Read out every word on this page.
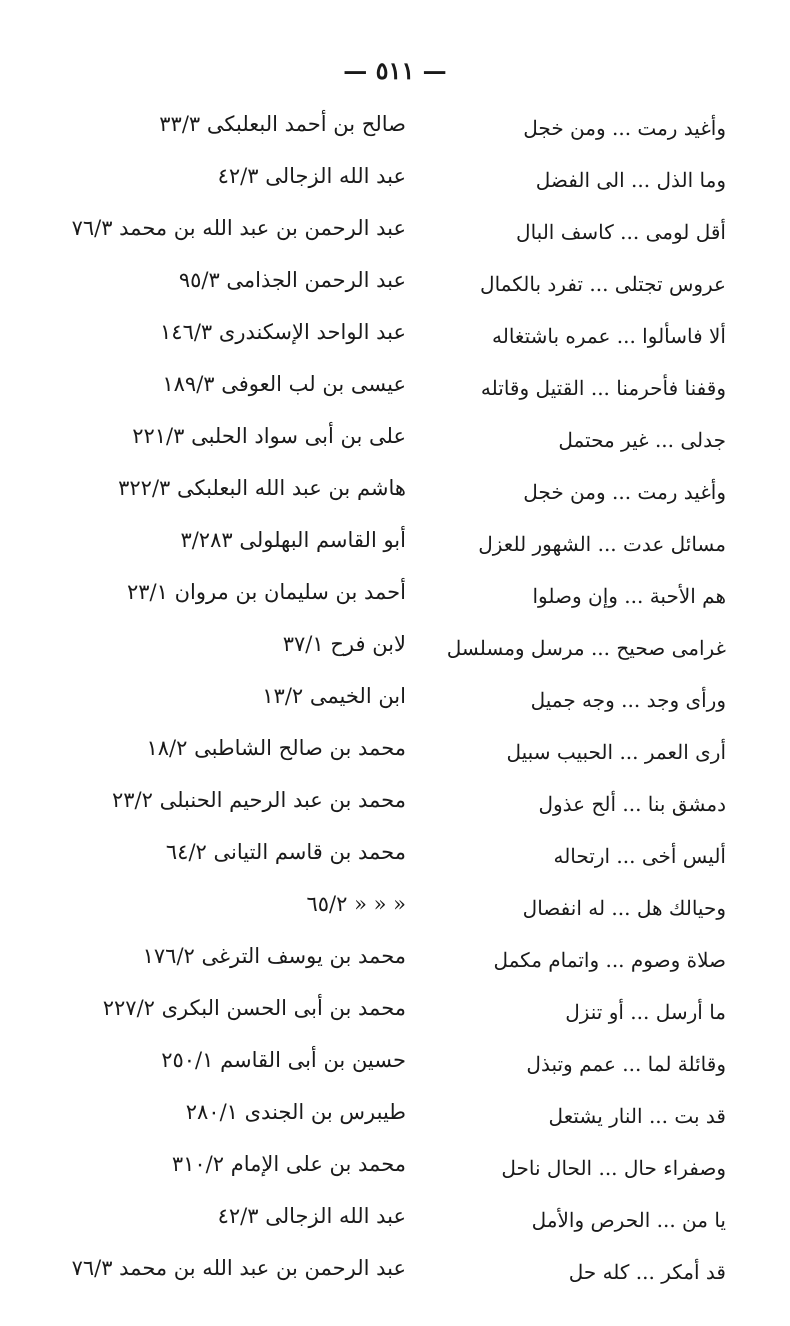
— ٥١١ —
وأغيد رمت ... ومن خجل
صالح بن أحمد البعلبكى ٣٣/٣
وما الذل ... الى الفضل
عبد الله الزجالى ٤٢/٣
أقل لومى ... كاسف البال
عبد الرحمن بن عبد الله بن محمد ٧٦/٣
عروس تجتلى ... تفرد بالكمال
عبد الرحمن الجذامى ٩٥/٣
ألا فاسألوا ... عمره باشتغاله
عبد الواحد الإسكندرى ١٤٦/٣
وقفنا فأحرمنا ... القتيل وقاتله
عيسى بن لب العوفى ١٨٩/٣
جدلى ... غير محتمل
على بن أبى سواد الحلبى ٢٢١/٣
وأغيد رمت ... ومن خجل
هاشم بن عبد الله البعلبكى ٣٢٢/٣
مسائل عدت ... الشهور للعزل
أبو القاسم البهلولى ٣/٢٨٣
هم الأحبة ... وإن وصلوا
أحمد بن سليمان بن مروان ٢٣/١
غرامى صحيح ... مرسل ومسلسل
لابن فرح ٣٧/١
ورأى وجد ... وجه جميل
ابن الخيمى ١٣/٢
أرى العمر ... الحبيب سبيل
محمد بن صالح الشاطبى ١٨/٢
دمشق بنا ... ألح عذول
محمد بن عبد الرحيم الحنبلى ٢٣/٢
أليس أخى ... ارتحاله
محمد بن قاسم التيانى ٦٤/٢
وحيالك هل ... له انفصال
« « « ٦٥/٢
صلاة وصوم ... واتمام مكمل
محمد بن يوسف الترغى ١٧٦/٢
ما أرسل ... أو تنزل
محمد بن أبى الحسن البكرى ٢٢٧/٢
وقائلة لما ... عمم وتبذل
حسين بن أبى القاسم ٢٥٠/١
قد بت ... النار يشتعل
طيبرس بن الجندى ٢٨٠/١
وصفراء حال ... الحال ناحل
محمد بن على الإمام ٣١٠/٢
يا من ... الحرص والأمل
عبد الله الزجالى ٤٢/٣
قد أمكر ... كله حل
عبد الرحمن بن عبد الله بن محمد ٧٦/٣
